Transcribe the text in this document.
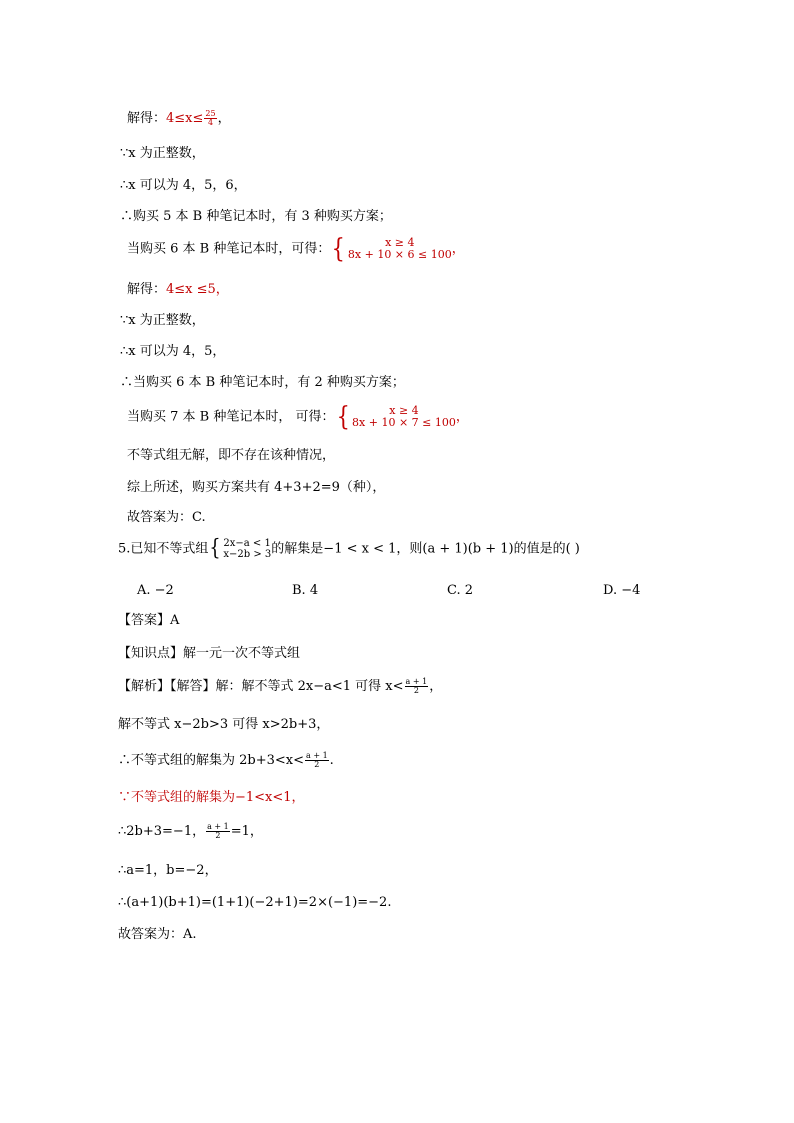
解得：$4\le x\le \frac{25}{4}$ ，
∵x 为正整数，
∴x 可以为 4，5，6，
∴购买 5 本 B 种笔记本时，有 3 种购买方案；
当购买 6 本 B 种笔记本时，可得： {	x ≥ 4
8x + 10 × 6 ≤ 100 ，
解得：4≤x ≤5，
∵x 为正整数，
∴x 可以为 4，5，
∴当购买 6 本 B 种笔记本时，有 2 种购买方案；
当购买 7 本 B 种笔记本时， 可得： {	x ≥ 4
8x + 10 × 7 ≤ 100 ，
不等式组无解，即不存在该种情况，
综上所述，购买方案共有 4+3+2=9（种），
故答案为：C.
5.已知不等式组 { 2x−a < 1
x−2b > 3 的解集是−1 < x < 1，则(a + 1)(b + 1)的值是的( )
A. −2	B. 4	C. 2	D. −4
【答案】A
【知识点】解一元一次不等式组
【解析】【解答】解：解不等式 2x−a<1 可得 $x< \frac{a + 1}{2}$ ，
解不等式 x−2b>3 可得 x>2b+3，
∴不等式组的解集为 $2b+3<x< \frac{a + 1}{2}$ .
∵不等式组的解集为−1<x<1，
∴2b+3=−1， $\frac{a + 1}{2} =1$，
∴a=1，b=−2，
∴(a+1)(b+1)=(1+1)(−2+1)=2×(−1)=−2.
故答案为：A.
